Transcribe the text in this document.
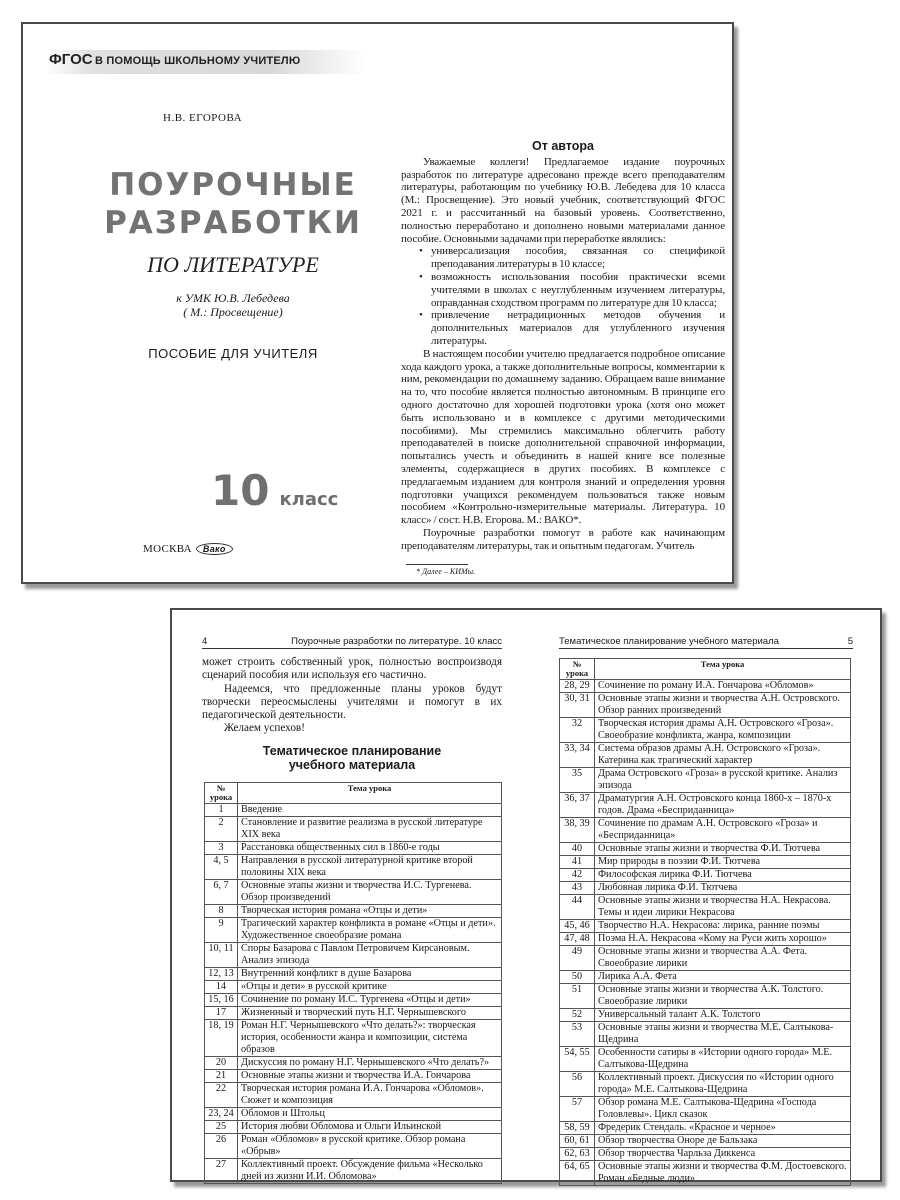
ФГОС В ПОМОЩЬ ШКОЛЬНОМУ УЧИТЕЛЮ
Н.В. ЕГОРОВА
ПОУРОЧНЫЕ
РАЗРАБОТКИ
ПО ЛИТЕРАТУРЕ
к УМК Ю.В. Лебедева
( М.: Просвещение)
ПОСОБИЕ ДЛЯ УЧИТЕЛЯ
10 класс
МОСКВА Вако
От автора

Уважаемые коллеги! Предлагаемое издание поурочных разработок по литературе адресовано прежде всего преподавателям литературы, работающим по учебнику Ю.В. Лебедева для 10 класса (М.: Просвещение). Это новый учебник, соответствующий ФГОС 2021 г. и рассчитанный на базовый уровень. Соответственно, полностью переработано и дополнено новыми материалами данное пособие. Основными задачами при переработке являлись:

• универсализация пособия, связанная со спецификой преподавания литературы в 10 классе;
• возможность использования пособия практически всеми учителями в школах с неуглубленным изучением литературы, оправданная сходством программ по литературе для 10 класса;
• привлечение нетрадиционных методов обучения и дополнительных материалов для углубленного изучения литературы.

В настоящем пособии учителю предлагается подробное описание хода каждого урока, а также дополнительные вопросы, комментарии к ним, рекомендации по домашнему заданию. Обращаем ваше внимание на то, что пособие является полностью автономным. В принципе его одного достаточно для хорошей подготовки урока (хотя оно может быть использовано и в комплексе с другими методическими пособиями). Мы стремились максимально облегчить работу преподавателей в поиске дополнительной справочной информации, попытались учесть и объединить в нашей книге все полезные элементы, содержащиеся в других пособиях. В комплексе с предлагаемым изданием для контроля знаний и определения уровня подготовки учащихся рекомендуем пользоваться также новым пособием «Контрольно-измерительные материалы. Литература. 10 класс» / сост. Н.В. Егорова. М.: ВАКО*.

Поурочные разработки помогут в работе как начинающим преподавателям литературы, так и опытным педагогам. Учитель

* Далее – КИМы.
4	Поурочные разработки по литературе. 10 класс

может строить собственный урок, полностью воспроизводя сценарий пособия или используя его частично.

Надеемся, что предложенные планы уроков будут творчески переосмыслены учителями и помогут в их педагогической деятельности.

Желаем успехов!

Тематическое планирование
учебного материала
№ урока	Тема урока
1	Введение
2	Становление и развитие реализма в русской литературе XIX века
3	Расстановка общественных сил в 1860-е годы
4, 5	Направления в русской литературной критике второй половины XIX века
6, 7	Основные этапы жизни и творчества И.С. Тургенева. Обзор произведений
8	Творческая история романа «Отцы и дети»
9	Трагический характер конфликта в романе «Отцы и дети». Художественное своеобразие романа
10, 11	Споры Базарова с Павлом Петровичем Кирсановым. Анализ эпизода
12, 13	Внутренний конфликт в душе Базарова
14	«Отцы и дети» в русской критике
15, 16	Сочинение по роману И.С. Тургенева «Отцы и дети»
17	Жизненный и творческий путь Н.Г. Чернышевского
18, 19	Роман Н.Г. Чернышевского «Что делать?»: творческая история, особенности жанра и композиции, система образов
20	Дискуссия по роману Н.Г. Чернышевского «Что делать?»
21	Основные этапы жизни и творчества И.А. Гончарова
22	Творческая история романа И.А. Гончарова «Обломов». Сюжет и композиция
23, 24	Обломов и Штольц
25	История любви Обломова и Ольги Ильинской
26	Роман «Обломов» в русской критике. Обзор романа «Обрыв»
27	Коллективный проект. Обсуждение фильма «Несколько дней из жизни И.И. Обломова»
Тематическое планирование учебного материала	5
№ урока	Тема урока
28, 29	Сочинение по роману И.А. Гончарова «Обломов»
30, 31	Основные этапы жизни и творчества А.Н. Островского. Обзор ранних произведений
32	Творческая история драмы А.Н. Островского «Гроза». Своеобразие конфликта, жанра, композиции
33, 34	Система образов драмы А.Н. Островского «Гроза». Катерина как трагический характер
35	Драма Островского «Гроза» в русской критике. Анализ эпизода
36, 37	Драматургия А.Н. Островского конца 1860-х – 1870-х годов. Драма «Бесприданница»
38, 39	Сочинение по драмам А.Н. Островского «Гроза» и «Бесприданница»
40	Основные этапы жизни и творчества Ф.И. Тютчева
41	Мир природы в поэзии Ф.И. Тютчева
42	Философская лирика Ф.И. Тютчева
43	Любовная лирика Ф.И. Тютчева
44	Основные этапы жизни и творчества Н.А. Некрасова. Темы и идеи лирики Некрасова
45, 46	Творчество Н.А. Некрасова: лирика, ранние поэмы
47, 48	Поэма Н.А. Некрасова «Кому на Руси жить хорошо»
49	Основные этапы жизни и творчества А.А. Фета. Своеобразие лирики
50	Лирика А.А. Фета
51	Основные этапы жизни и творчества А.К. Толстого. Своеобразие лирики
52	Универсальный талант А.К. Толстого
53	Основные этапы жизни и творчества М.Е. Салтыкова-Щедрина
54, 55	Особенности сатиры в «Истории одного города» М.Е. Салтыкова-Щедрина
56	Коллективный проект. Дискуссия по «Истории одного города» М.Е. Салтыкова-Щедрина
57	Обзор романа М.Е. Салтыкова-Щедрина «Господа Головлевы». Цикл сказок
58, 59	Фредерик Стендаль. «Красное и черное»
60, 61	Обзор творчества Оноре де Бальзака
62, 63	Обзор творчества Чарльза Диккенса
64, 65	Основные этапы жизни и творчества Ф.М. Достоевского. Роман «Бедные люди»
